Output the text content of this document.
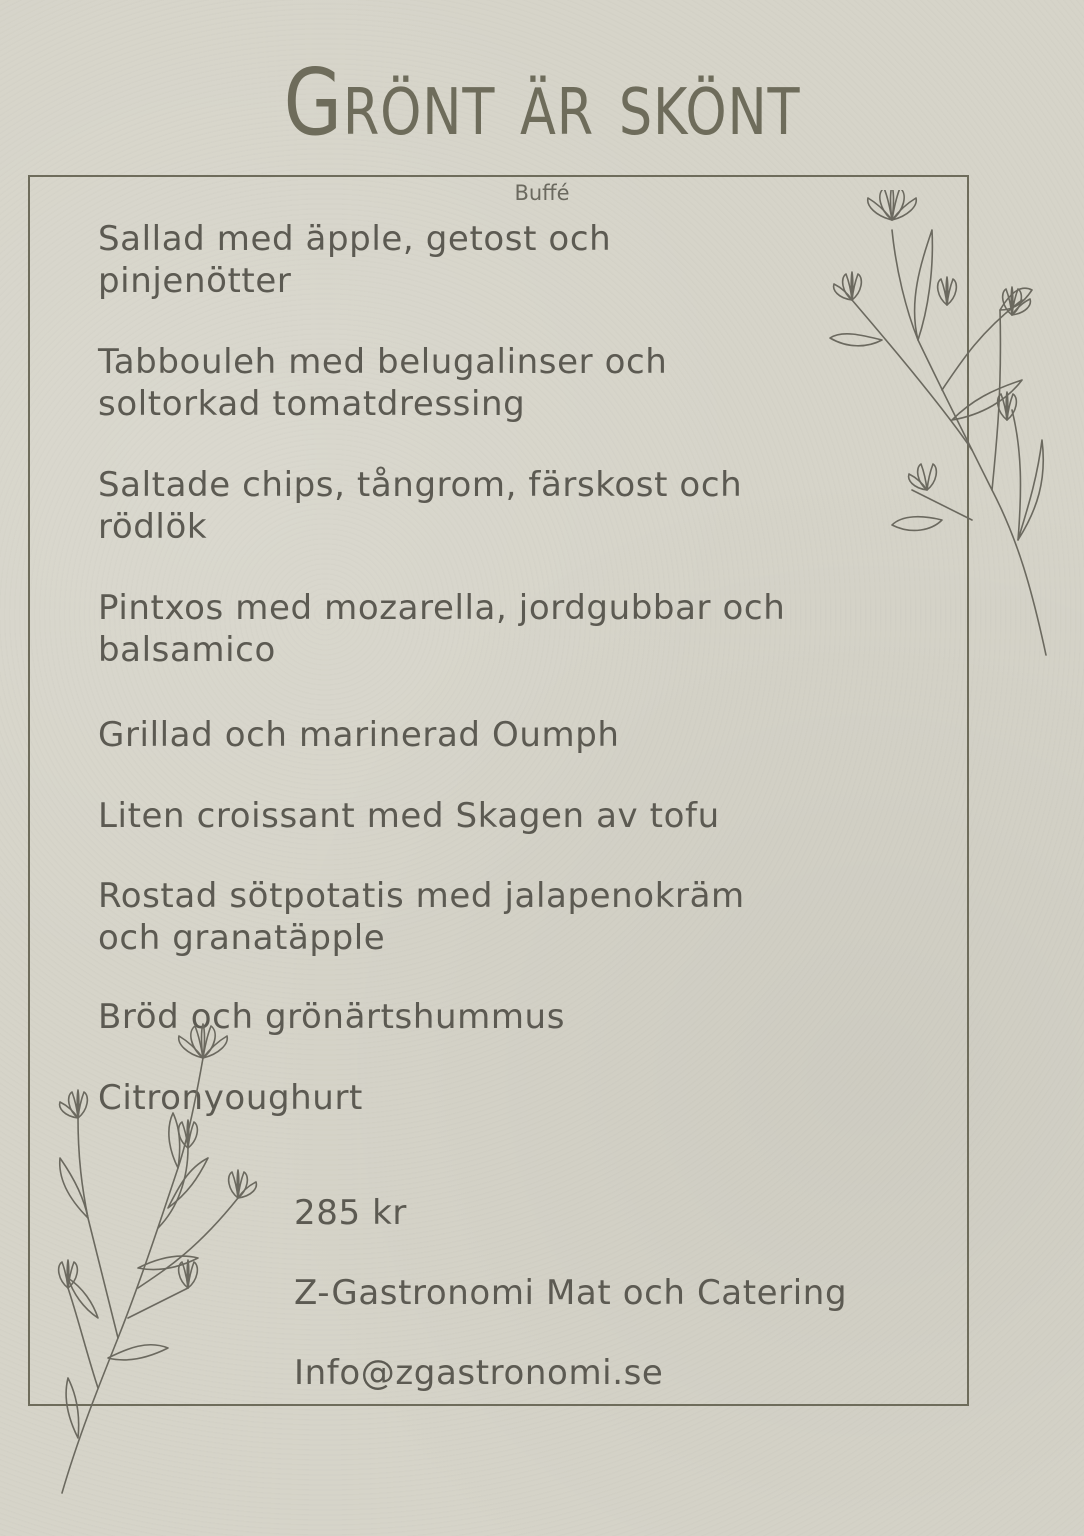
Grönt är skönt
Buffé
Sallad med äpple, getost och
pinjenötter
Tabbouleh med belugalinser och
soltorkad tomatdressing
Saltade chips, tångrom, färskost och
rödlök
Pintxos med mozarella, jordgubbar och
balsamico
Grillad och marinerad Oumph
Liten croissant med Skagen av tofu
Rostad sötpotatis med jalapenokräm
och granatäpple
Bröd och grönärtshummus
Citronyoughurt
285 kr
Z-Gastronomi Mat och Catering
Info@zgastronomi.se
